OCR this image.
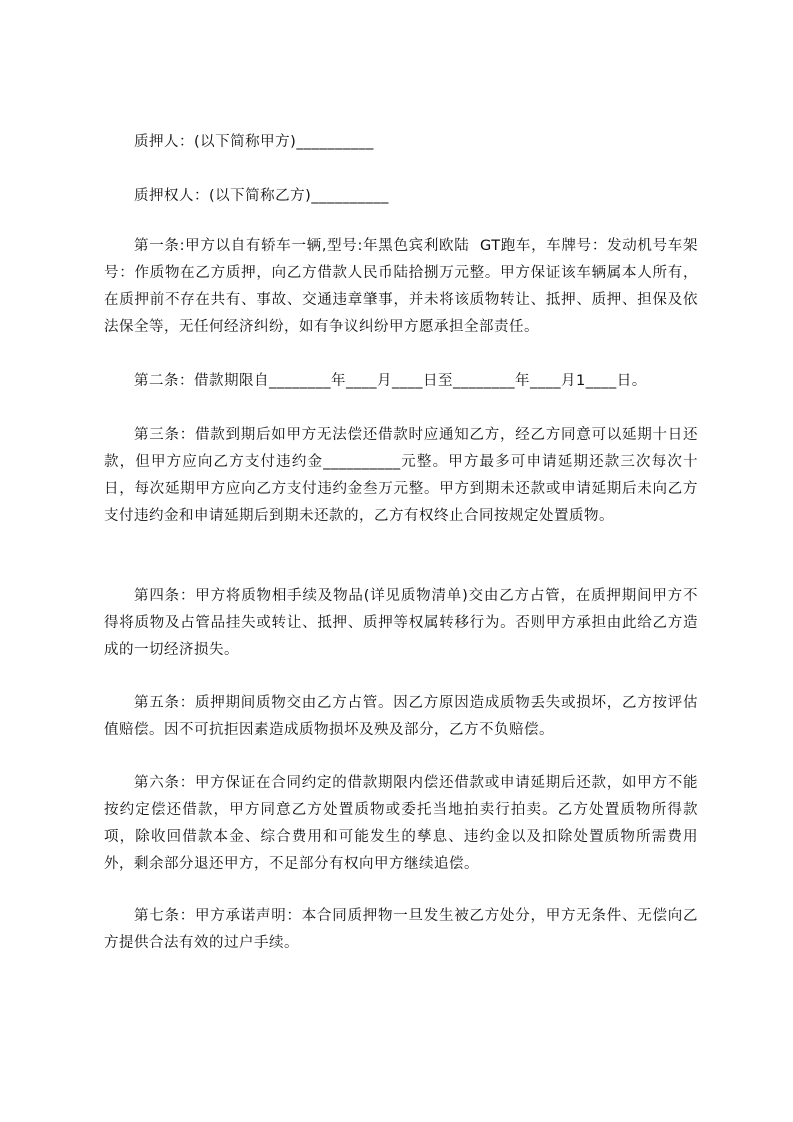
质押人：(以下简称甲方)__________
质押权人：(以下简称乙方)__________
第一条:甲方以自有轿车一辆,型号:年黑色宾利欧陆  GT跑车，车牌号：发动机号车架号：作质物在乙方质押，向乙方借款人民币陆拾捌万元整。甲方保证该车辆属本人所有，在质押前不存在共有、事故、交通违章肇事，并未将该质物转让、抵押、质押、担保及依法保全等，无任何经济纠纷，如有争议纠纷甲方愿承担全部责任。
第二条：借款期限自________年____月____日至________年____月1____日。
第三条：借款到期后如甲方无法偿还借款时应通知乙方，经乙方同意可以延期十日还款，但甲方应向乙方支付违约金__________元整。甲方最多可申请延期还款三次每次十日，每次延期甲方应向乙方支付违约金叁万元整。甲方到期未还款或申请延期后未向乙方支付违约金和申请延期后到期未还款的，乙方有权终止合同按规定处置质物。
第四条：甲方将质物相手续及物品(详见质物清单)交由乙方占管，在质押期间甲方不得将质物及占管品挂失或转让、抵押、质押等权属转移行为。否则甲方承担由此给乙方造成的一切经济损失。
第五条：质押期间质物交由乙方占管。因乙方原因造成质物丢失或损坏，乙方按评估值赔偿。因不可抗拒因素造成质物损坏及殃及部分，乙方不负赔偿。
第六条：甲方保证在合同约定的借款期限内偿还借款或申请延期后还款，如甲方不能按约定偿还借款，甲方同意乙方处置质物或委托当地拍卖行拍卖。乙方处置质物所得款项，除收回借款本金、综合费用和可能发生的孳息、违约金以及扣除处置质物所需费用外，剩余部分退还甲方，不足部分有权向甲方继续追偿。
第七条：甲方承诺声明：本合同质押物一旦发生被乙方处分，甲方无条件、无偿向乙方提供合法有效的过户手续。
